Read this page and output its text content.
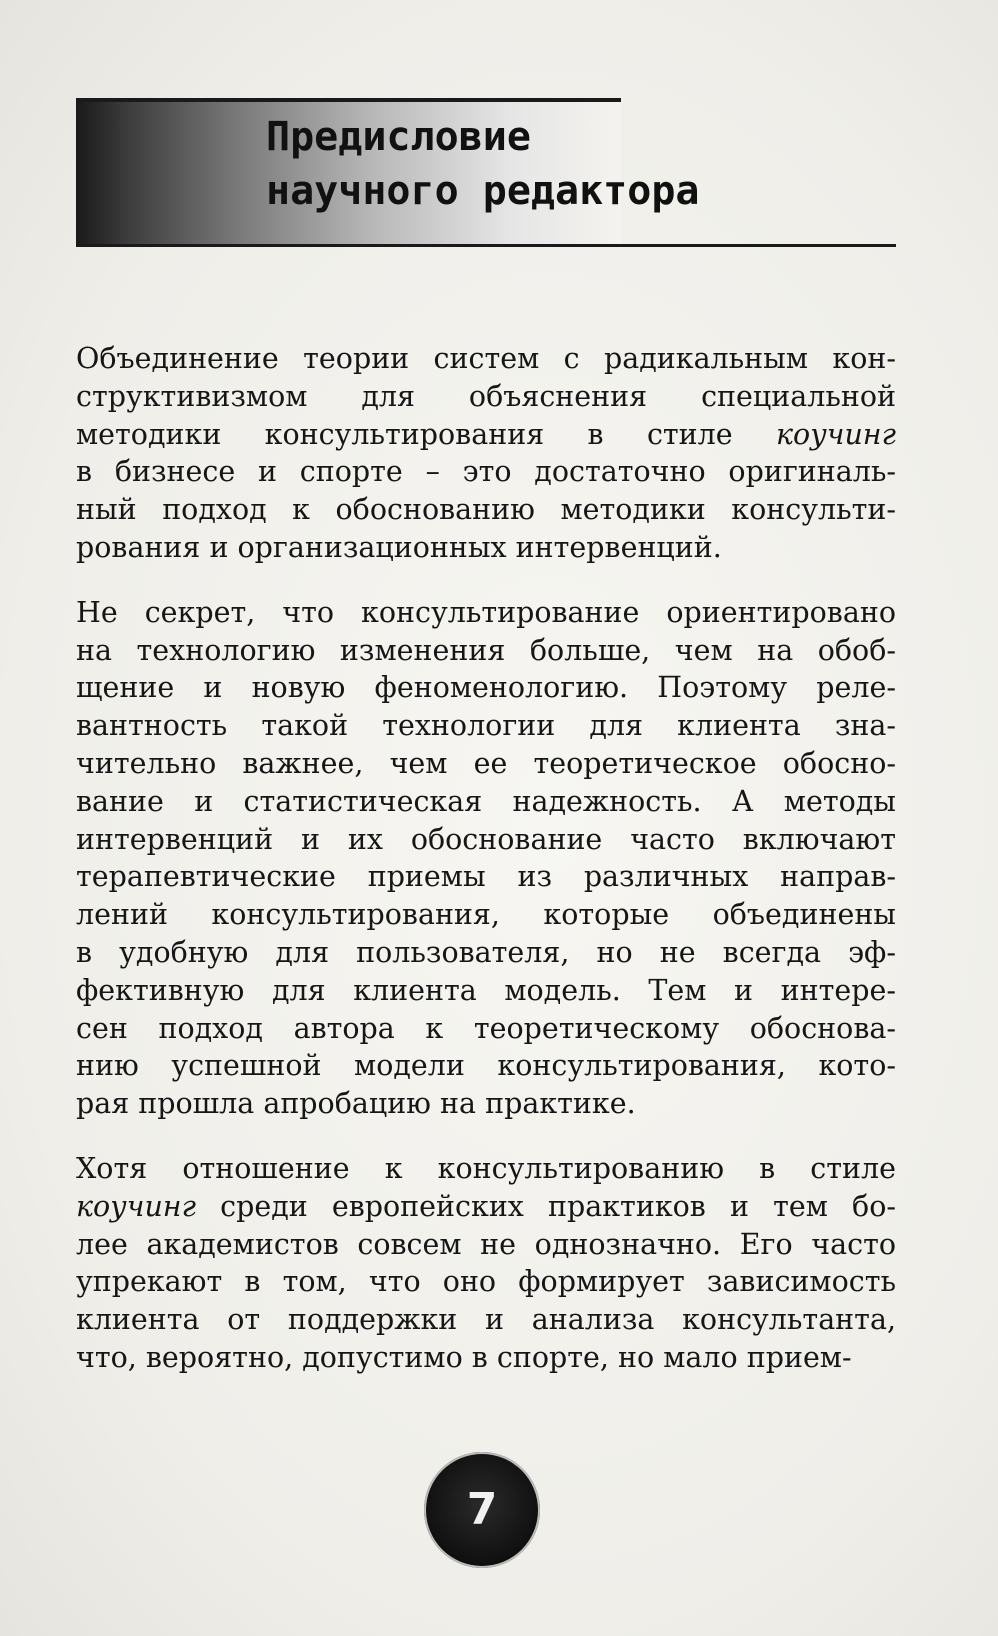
Предисловие
научного редактора
Объединение теории систем с радикальным кон-
структивизмом для объяснения специальной
методики консультирования в стиле коучинг
в бизнесе и спорте – это достаточно оригиналь-
ный подход к обоснованию методики консульти-
рования и организационных интервенций.
Не секрет, что консультирование ориентировано
на технологию изменения больше, чем на обоб-
щение и новую феноменологию. Поэтому реле-
вантность такой технологии для клиента зна-
чительно важнее, чем ее теоретическое обосно-
вание и статистическая надежность. А методы
интервенций и их обоснование часто включают
терапевтические приемы из различных направ-
лений консультирования, которые объединены
в удобную для пользователя, но не всегда эф-
фективную для клиента модель. Тем и интере-
сен подход автора к теоретическому обоснова-
нию успешной модели консультирования, кото-
рая прошла апробацию на практике.
Хотя отношение к консультированию в стиле
коучинг среди европейских практиков и тем бо-
лее академистов совсем не однозначно. Его часто
упрекают в том, что оно формирует зависимость
клиента от поддержки и анализа консультанта,
что, вероятно, допустимо в спорте, но мало прием-
7
